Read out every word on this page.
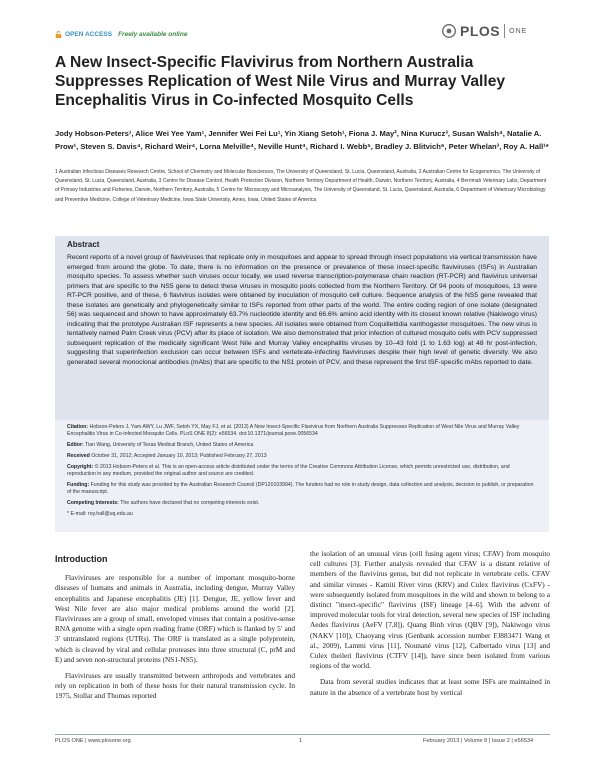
OPEN ACCESS Freely available online	PLOS ONE
A New Insect-Specific Flavivirus from Northern Australia Suppresses Replication of West Nile Virus and Murray Valley Encephalitis Virus in Co-infected Mosquito Cells
Jody Hobson-Peters¹, Alice Wei Yee Yam¹, Jennifer Wei Fei Lu¹, Yin Xiang Setoh¹, Fiona J. May², Nina Kurucz³, Susan Walsh⁴, Natalie A. Prow¹, Steven S. Davis⁴, Richard Weir⁴, Lorna Melville⁴, Neville Hunt⁴, Richard I. Webb⁵, Bradley J. Blitvich⁶, Peter Whelan³, Roy A. Hall¹*
1 Australian Infectious Diseases Research Centre, School of Chemistry and Molecular Biosciences, The University of Queensland, St. Lucia, Queensland, Australia, 2 Australian Centre for Ecogenomics, The University of Queensland, St. Lucia, Queensland, Australia, 3 Centre for Disease Control, Health Protection Division, Northern Territory Department of Health, Darwin, Northern Territory, Australia, 4 Berrimah Veterinary Labs, Department of Primary Industries and Fisheries, Darwin, Northern Territory, Australia, 5 Centre for Microscopy and Microanalysis, The University of Queensland, St. Lucia, Queensland, Australia, 6 Department of Veterinary Microbiology and Preventive Medicine, College of Veterinary Medicine, Iowa State University, Ames, Iowa, United States of America
Abstract

Recent reports of a novel group of flaviviruses that replicate only in mosquitoes and appear to spread through insect populations via vertical transmission have emerged from around the globe. To date, there is no information on the presence or prevalence of these insect-specific flaviviruses (ISFs) in Australian mosquito species. To assess whether such viruses occur locally, we used reverse transcription-polymerase chain reaction (RT-PCR) and flavivirus universal primers that are specific to the NS5 gene to detect these viruses in mosquito pools collected from the Northern Territory. Of 94 pools of mosquitoes, 13 were RT-PCR positive, and of these, 6 flavivirus isolates were obtained by inoculation of mosquito cell culture. Sequence analysis of the NS5 gene revealed that these isolates are genetically and phylogenetically similar to ISFs reported from other parts of the world. The entire coding region of one isolate (designated 56) was sequenced and shown to have approximately 63.7% nucleotide identity and 66.6% amino acid identity with its closest known relative (Nakiwogo virus) indicating that the prototype Australian ISF represents a new species. All isolates were obtained from Coquillettidia xanthogaster mosquitoes. The new virus is tentatively named Palm Creek virus (PCV) after its place of isolation. We also demonstrated that prior infection of cultured mosquito cells with PCV suppressed subsequent replication of the medically significant West Nile and Murray Valley encephalitis viruses by 10–43 fold (1 to 1.63 log) at 48 hr post-infection, suggesting that superinfection exclusion can occur between ISFs and vertebrate-infecting flaviviruses despite their high level of genetic diversity. We also generated several monoclonal antibodies (mAbs) that are specific to the NS1 protein of PCV, and these represent the first ISF-specific mAbs reported to date.

Citation: Hobson-Peters J, Yam AWY, Lu JWF, Setoh YX, May FJ, et al. (2013) A New Insect-Specific Flavivirus from Northern Australia Suppresses Replication of West Nile Virus and Murray Valley Encephalitis Virus in Co-infected Mosquito Cells. PLoS ONE 8(2): e56534. doi:10.1371/journal.pone.0056534

Editor: Tian Wang, University of Texas Medical Branch, United States of America

Received October 31, 2012; Accepted January 10, 2013; Published February 27, 2013

Copyright: © 2013 Hobson-Peters et al. This is an open-access article distributed under the terms of the Creative Commons Attribution License, which permits unrestricted use, distribution, and reproduction in any medium, provided the original author and source are credited.

Funding: Funding for this study was provided by the Australian Research Council (DP120103994). The funders had no role in study design, data collection and analysis, decision to publish, or preparation of the manuscript.

Competing Interests: The authors have declared that no competing interests exist.

* E-mail: roy.hall@uq.edu.au

Introduction

Flaviviruses are responsible for a number of important mosquito-borne diseases of humans and animals in Australia, including dengue, Murray Valley encephalitis and Japanese encephalitis (JE) [1]. Dengue, JE, yellow fever and West Nile fever are also major medical problems around the world [2]. Flaviviruses are a group of small, enveloped viruses that contain a positive-sense RNA genome with a single open reading frame (ORF) which is flanked by 5′ and 3′ untranslated regions (UTRs). The ORF is translated as a single polyprotein, which is cleaved by viral and cellular proteases into three structural (C, prM and E) and seven non-structural proteins (NS1-NS5).

Flaviviruses are usually transmitted between arthropods and vertebrates and rely on replication in both of these hosts for their natural transmission cycle. In 1975, Stollar and Thomas reported

the isolation of an unusual virus (cell fusing agent virus; CFAV) from mosquito cell cultures [3]. Further analysis revealed that CFAV is a distant relative of members of the flavivirus genus, but did not replicate in vertebrate cells. CFAV and similar viruses - Kamiti River virus (KRV) and Culex flavivirus (CxFV) - were subsequently isolated from mosquitoes in the wild and shown to belong to a distinct "insect-specific" flavivirus (ISF) lineage [4–6]. With the advent of improved molecular tools for viral detection, several new species of ISF including Aedes flavivirus (AeFV [7,8]), Quang Binh virus (QBV [9]), Nakiwogo virus (NAKV [10]), Chaoyang virus (Genbank accession number FJ883471 Wang et al., 2009), Lammi virus [11], Nounané virus [12], Calbertado virus [13] and Culex theileri flavivirus (CTFV [14]), have since been isolated from various regions of the world.

Data from several studies indicates that at least some ISFs are maintained in nature in the absence of a vertebrate host by vertical

PLOS ONE | www.plosone.org	1	February 2013 | Volume 8 | Issue 2 | e56534
